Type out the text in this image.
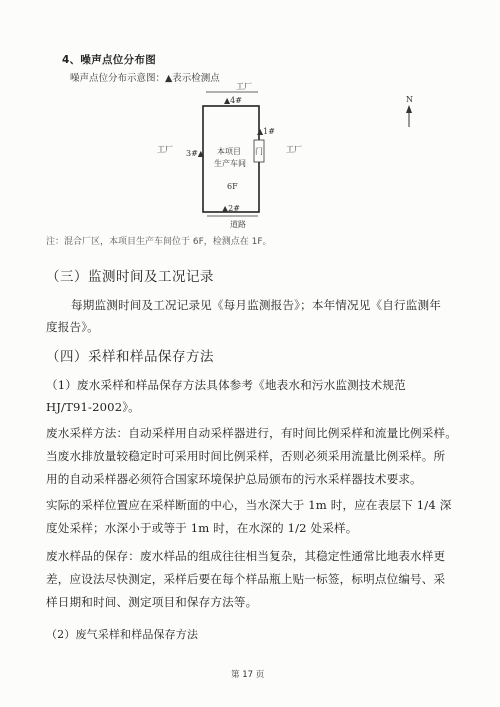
4、噪声点位分布图
噪声点位分布示意图：▲表示检测点
工厂
▲4#
▲1#
门
3#▲
工厂	工厂
本项目
生产车间
6F
▲2#
道路
N
注：混合厂区，本项目生产车间位于 6F，检测点在 1F。
（三）监测时间及工况记录
每期监测时间及工况记录见《每月监测报告》；本年情况见《自行监测年
度报告》。
（四）采样和样品保存方法
（1）废水采样和样品保存方法具体参考《地表水和污水监测技术规范
HJ/T91-2002》。
废水采样方法：自动采样用自动采样器进行，有时间比例采样和流量比例采样。
当废水排放量较稳定时可采用时间比例采样，否则必须采用流量比例采样。所
用的自动采样器必须符合国家环境保护总局颁布的污水采样器技术要求。
实际的采样位置应在采样断面的中心，当水深大于 1m 时，应在表层下 1/4 深
度处采样；水深小于或等于 1m 时，在水深的 1/2 处采样。
废水样品的保存：废水样品的组成往往相当复杂，其稳定性通常比地表水样更
差，应设法尽快测定，采样后要在每个样品瓶上贴一标签，标明点位编号、采
样日期和时间、测定项目和保存方法等。
（2）废气采样和样品保存方法
第 17 页
